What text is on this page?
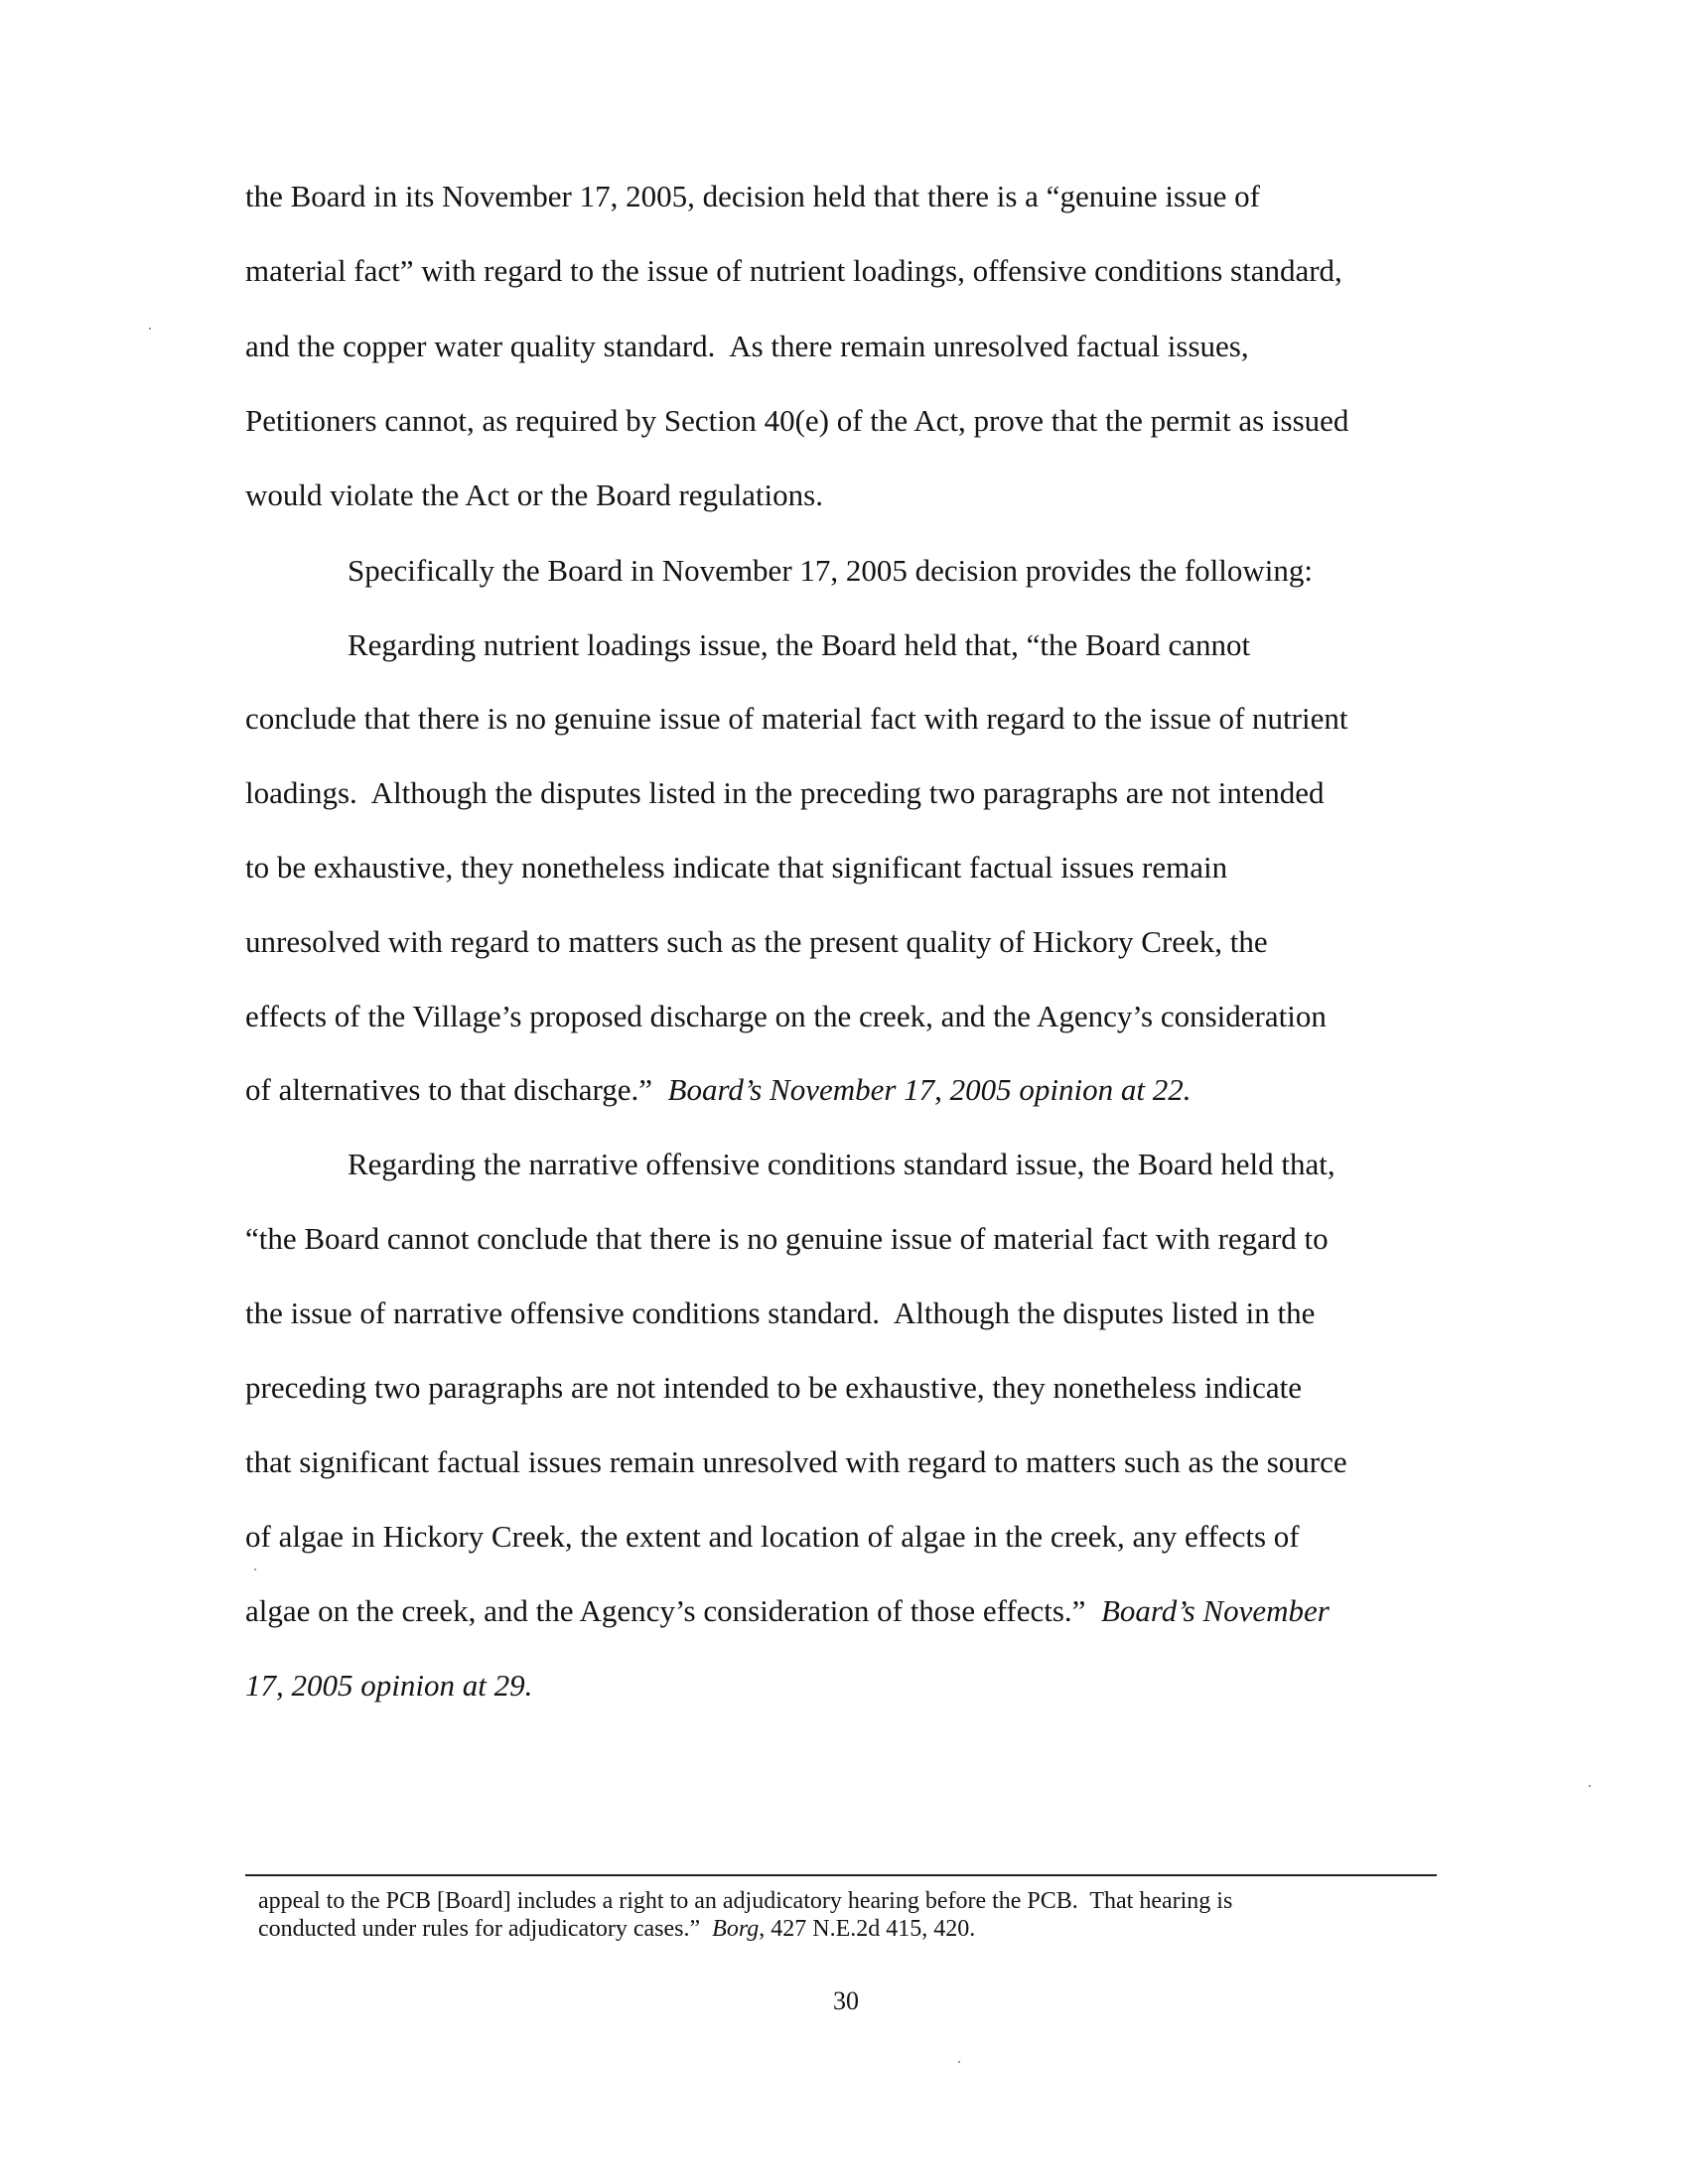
the Board in its November 17, 2005, decision held that there is a “genuine issue of
material fact” with regard to the issue of nutrient loadings, offensive conditions standard,
and the copper water quality standard.  As there remain unresolved factual issues,
Petitioners cannot, as required by Section 40(e) of the Act, prove that the permit as issued
would violate the Act or the Board regulations.
Specifically the Board in November 17, 2005 decision provides the following:
Regarding nutrient loadings issue, the Board held that, “the Board cannot
conclude that there is no genuine issue of material fact with regard to the issue of nutrient
loadings.  Although the disputes listed in the preceding two paragraphs are not intended
to be exhaustive, they nonetheless indicate that significant factual issues remain
unresolved with regard to matters such as the present quality of Hickory Creek, the
effects of the Village’s proposed discharge on the creek, and the Agency’s consideration
of alternatives to that discharge.”  Board’s November 17, 2005 opinion at 22.
Regarding the narrative offensive conditions standard issue, the Board held that,
“the Board cannot conclude that there is no genuine issue of material fact with regard to
the issue of narrative offensive conditions standard.  Although the disputes listed in the
preceding two paragraphs are not intended to be exhaustive, they nonetheless indicate
that significant factual issues remain unresolved with regard to matters such as the source
of algae in Hickory Creek, the extent and location of algae in the creek, any effects of
algae on the creek, and the Agency’s consideration of those effects.”  Board’s November
17, 2005 opinion at 29.
appeal to the PCB [Board] includes a right to an adjudicatory hearing before the PCB.  That hearing is
conducted under rules for adjudicatory cases.”  Borg, 427 N.E.2d 415, 420.
30
